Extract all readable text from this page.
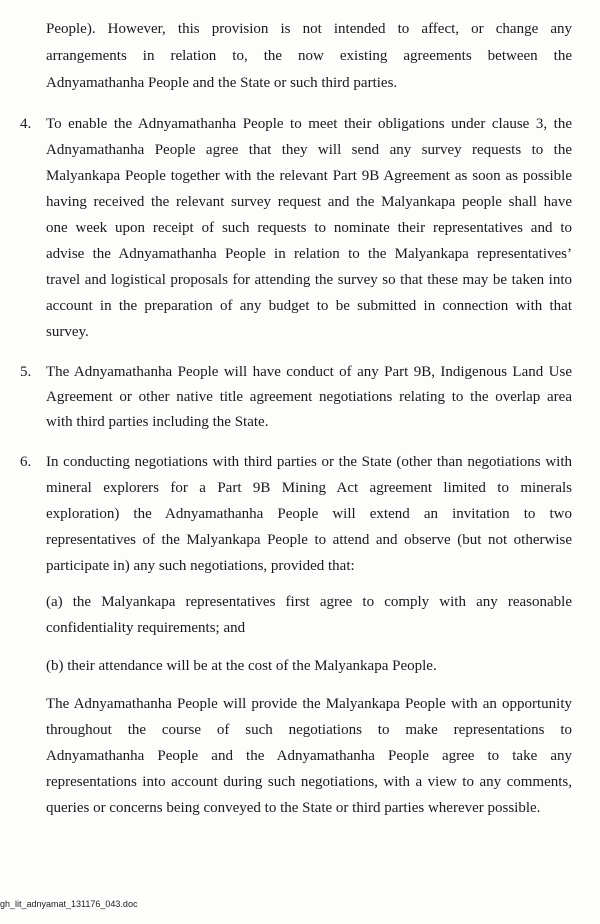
People). However, this provision is not intended to affect, or change any
arrangements in relation to, the now existing agreements between the
Adnyamathanha People and the State or such third parties.
4. To enable the Adnyamathanha People to meet their obligations under clause 3, the
Adnyamathanha People agree that they will send any survey requests to the
Malyankapa People together with the relevant Part 9B Agreement as soon as possible
having received the relevant survey request and the Malyankapa people shall have
one week upon receipt of such requests to nominate their representatives and to
advise the Adnyamathanha People in relation to the Malyankapa representatives’
travel and logistical proposals for attending the survey so that these may be taken into
account in the preparation of any budget to be submitted in connection with that
survey.
5. The Adnyamathanha People will have conduct of any Part 9B, Indigenous Land Use
Agreement or other native title agreement negotiations relating to the overlap area
with third parties including the State.
6. In conducting negotiations with third parties or the State (other than negotiations with
mineral explorers for a Part 9B Mining Act agreement limited to minerals
exploration) the Adnyamathanha People will extend an invitation to two
representatives of the Malyankapa People to attend and observe (but not otherwise
participate in) any such negotiations, provided that:
(a) the Malyankapa representatives first agree to comply with any reasonable
confidentiality requirements; and
(b) their attendance will be at the cost of the Malyankapa People.
The Adnyamathanha People will provide the Malyankapa People with an opportunity
throughout the course of such negotiations to make representations to
Adnyamathanha People and the Adnyamathanha People agree to take any
representations into account during such negotiations, with a view to any comments,
queries or concerns being conveyed to the State or third parties wherever possible.
gh_lit_adnyamat_131176_043.doc
